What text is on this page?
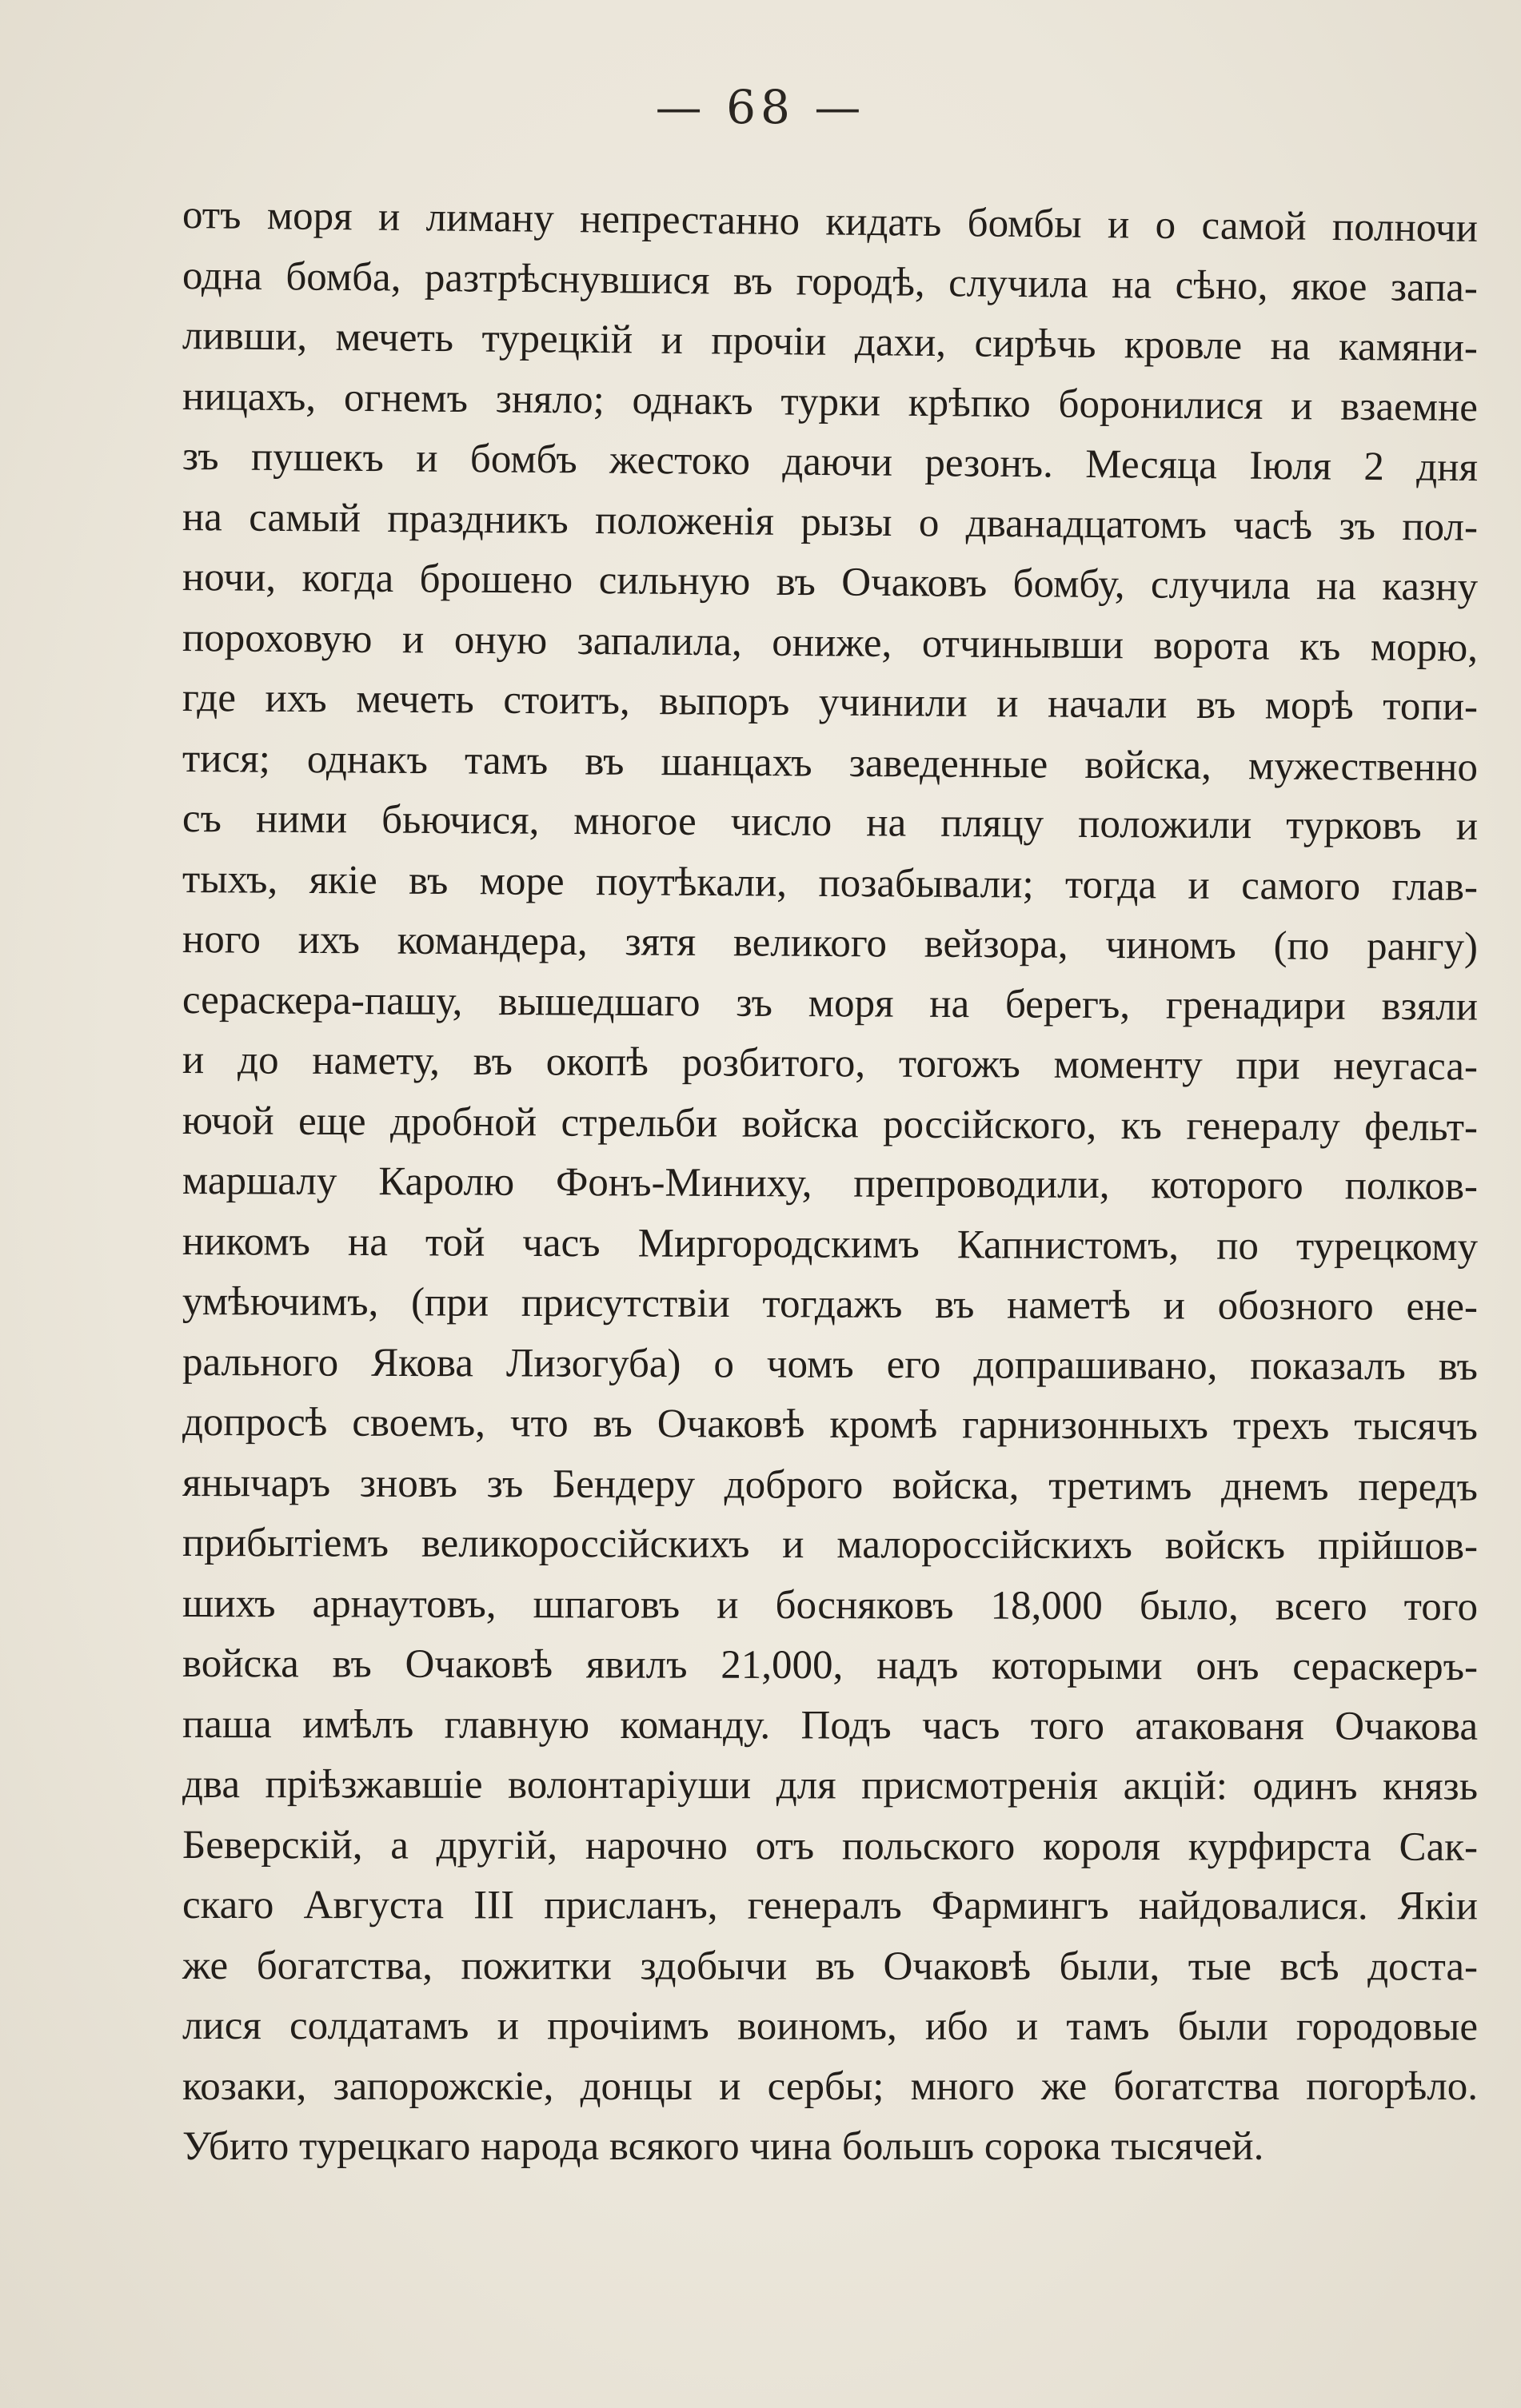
— 68 —
отъ моря и лиману непрестанно кидать бомбы и о самой полночи
одна бомба, разтрѣснувшися въ городѣ, случила на сѣно, якое запа-
ливши, мечеть турецкій и прочіи дахи, сирѣчь кровле на камяни-
ницахъ, огнемъ зняло; однакъ турки крѣпко боронилися и взаемне
зъ пушекъ и бомбъ жестоко даючи резонъ. Месяца Іюля 2 дня
на самый праздникъ положенія рызы о дванадцатомъ часѣ зъ пол-
ночи, когда брошено сильную въ Очаковъ бомбу, случила на казну
пороховую и оную запалила, ониже, отчинывши ворота къ морю,
где ихъ мечеть стоитъ, выпоръ учинили и начали въ морѣ топи-
тися; однакъ тамъ въ шанцахъ заведенные войска, мужественно
съ ними бьючися, многое число на пляцу положили турковъ и
тыхъ, якіе въ море поутѣкали, позабывали; тогда и самого глав-
ного ихъ командера, зятя великого вейзора, чиномъ (по рангу)
сераскера-пашу, вышедшаго зъ моря на берегъ, гренадири взяли
и до намету, въ окопѣ розбитого, тогожъ моменту при неугаса-
ючой еще дробной стрельби войска россійского, къ генералу фельт-
маршалу Каролю Фонъ-Миниху, препроводили, которого полков-
никомъ на той часъ Миргородскимъ Капнистомъ, по турецкому
умѣючимъ, (при присутствіи тогдажъ въ наметѣ и обозного ене-
рального Якова Лизогуба) о чомъ его допрашивано, показалъ въ
допросѣ своемъ, что въ Очаковѣ кромѣ гарнизонныхъ трехъ тысячъ
янычаръ зновъ зъ Бендеру доброго войска, третимъ днемъ передъ
прибытіемъ великороссійскихъ и малороссійскихъ войскъ прійшов-
шихъ арнаутовъ, шпаговъ и босняковъ 18,000 было, всего того
войска въ Очаковѣ явилъ 21,000, надъ которыми онъ сераскеръ-
паша имѣлъ главную команду. Подъ часъ того атакованя Очакова
два пріѣзжавшіе волонтаріуши для присмотренія акцій: одинъ князь
Беверскій, а другій, нарочно отъ польского короля курфирста Сак-
скаго Августа III присланъ, генералъ Фармингъ найдовалися. Якіи
же богатства, пожитки здобычи въ Очаковѣ были, тые всѣ доста-
лися солдатамъ и прочіимъ воиномъ, ибо и тамъ были городовые
козаки, запорожскіе, донцы и сербы; много же богатства погорѣло.
Убито турецкаго народа всякого чина большъ сорока тысячей.
